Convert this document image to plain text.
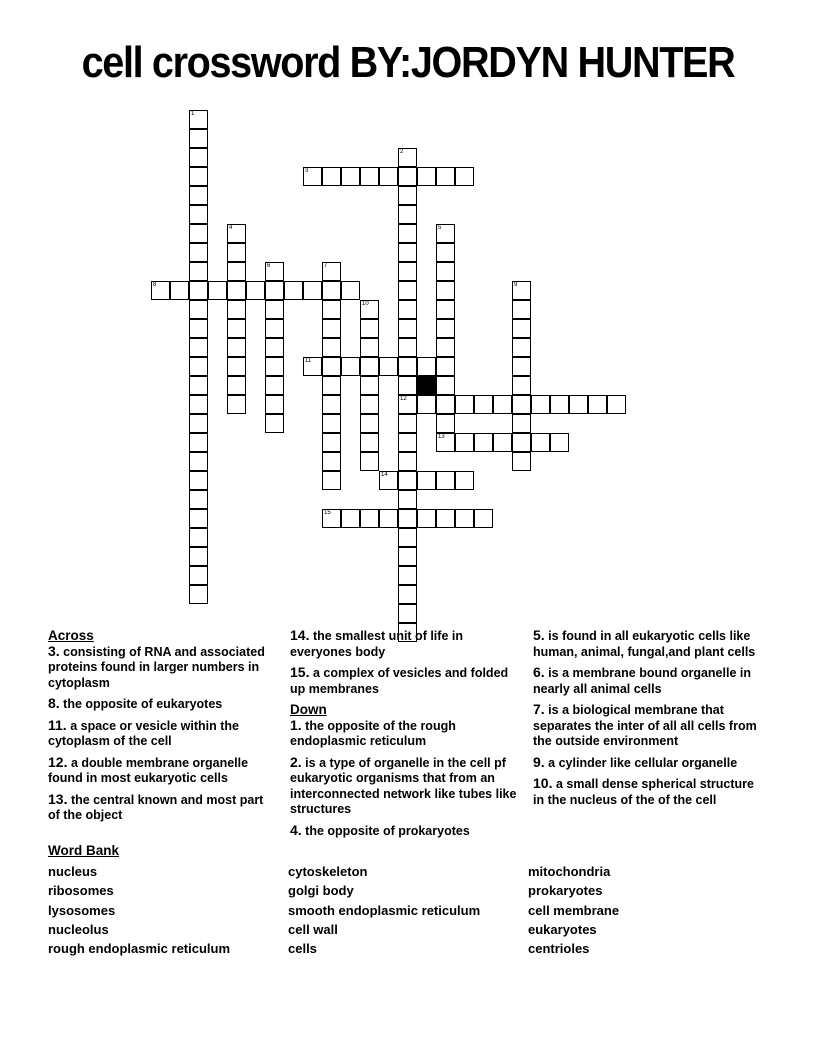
cell crossword BY:JORDYN HUNTER
1
2
3
4	5
6	7
8	9
10
11
12
13
14
15

Across

3. consisting of RNA and associated proteins found in larger numbers in cytoplasm

8. the opposite of eukaryotes

11. a space or vesicle within the cytoplasm of the cell

12. a double membrane organelle found in most eukaryotic cells

13. the central known and most part of the object

14. the smallest unit of life in everyones body

15. a complex of vesicles and folded up membranes

Down

1. the opposite of the rough endoplasmic reticulum

2. is a type of organelle in the cell pf eukaryotic organisms that from an interconnected network like tubes like structures

4. the opposite of prokaryotes

5. is found in all eukaryotic cells like human, animal, fungal,and plant cells

6. is a membrane bound organelle in nearly all animal cells

7. is a biological membrane that separates the inter of all all cells from the outside environment

9. a cylinder like cellular organelle

10. a small dense spherical structure in the nucleus of the of the cell

Word Bank
nucleus
ribosomes
lysosomes
nucleolus
rough endoplasmic reticulum
cytoskeleton
golgi body
smooth endoplasmic reticulum
cell wall
cells
mitochondria
prokaryotes
cell membrane
eukaryotes
centrioles
